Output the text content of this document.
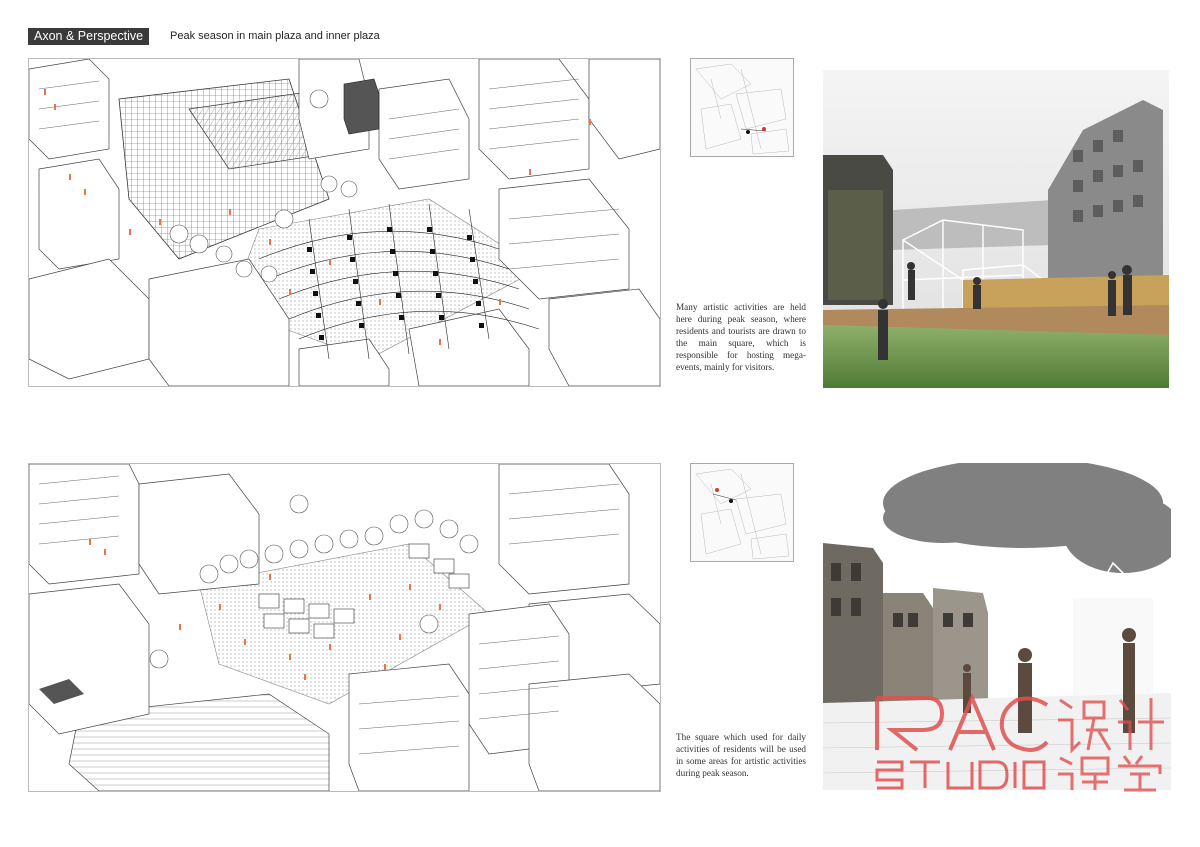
Axon & Perspective	Peak season in main plaza and inner plaza
Many artistic activities are held here during peak season, where residents and tourists are drawn to the main square, which is responsible for hosting mega-events, mainly for visitors.
The square which used for daily activities of residents will be used in some areas for artistic activities during peak season.
